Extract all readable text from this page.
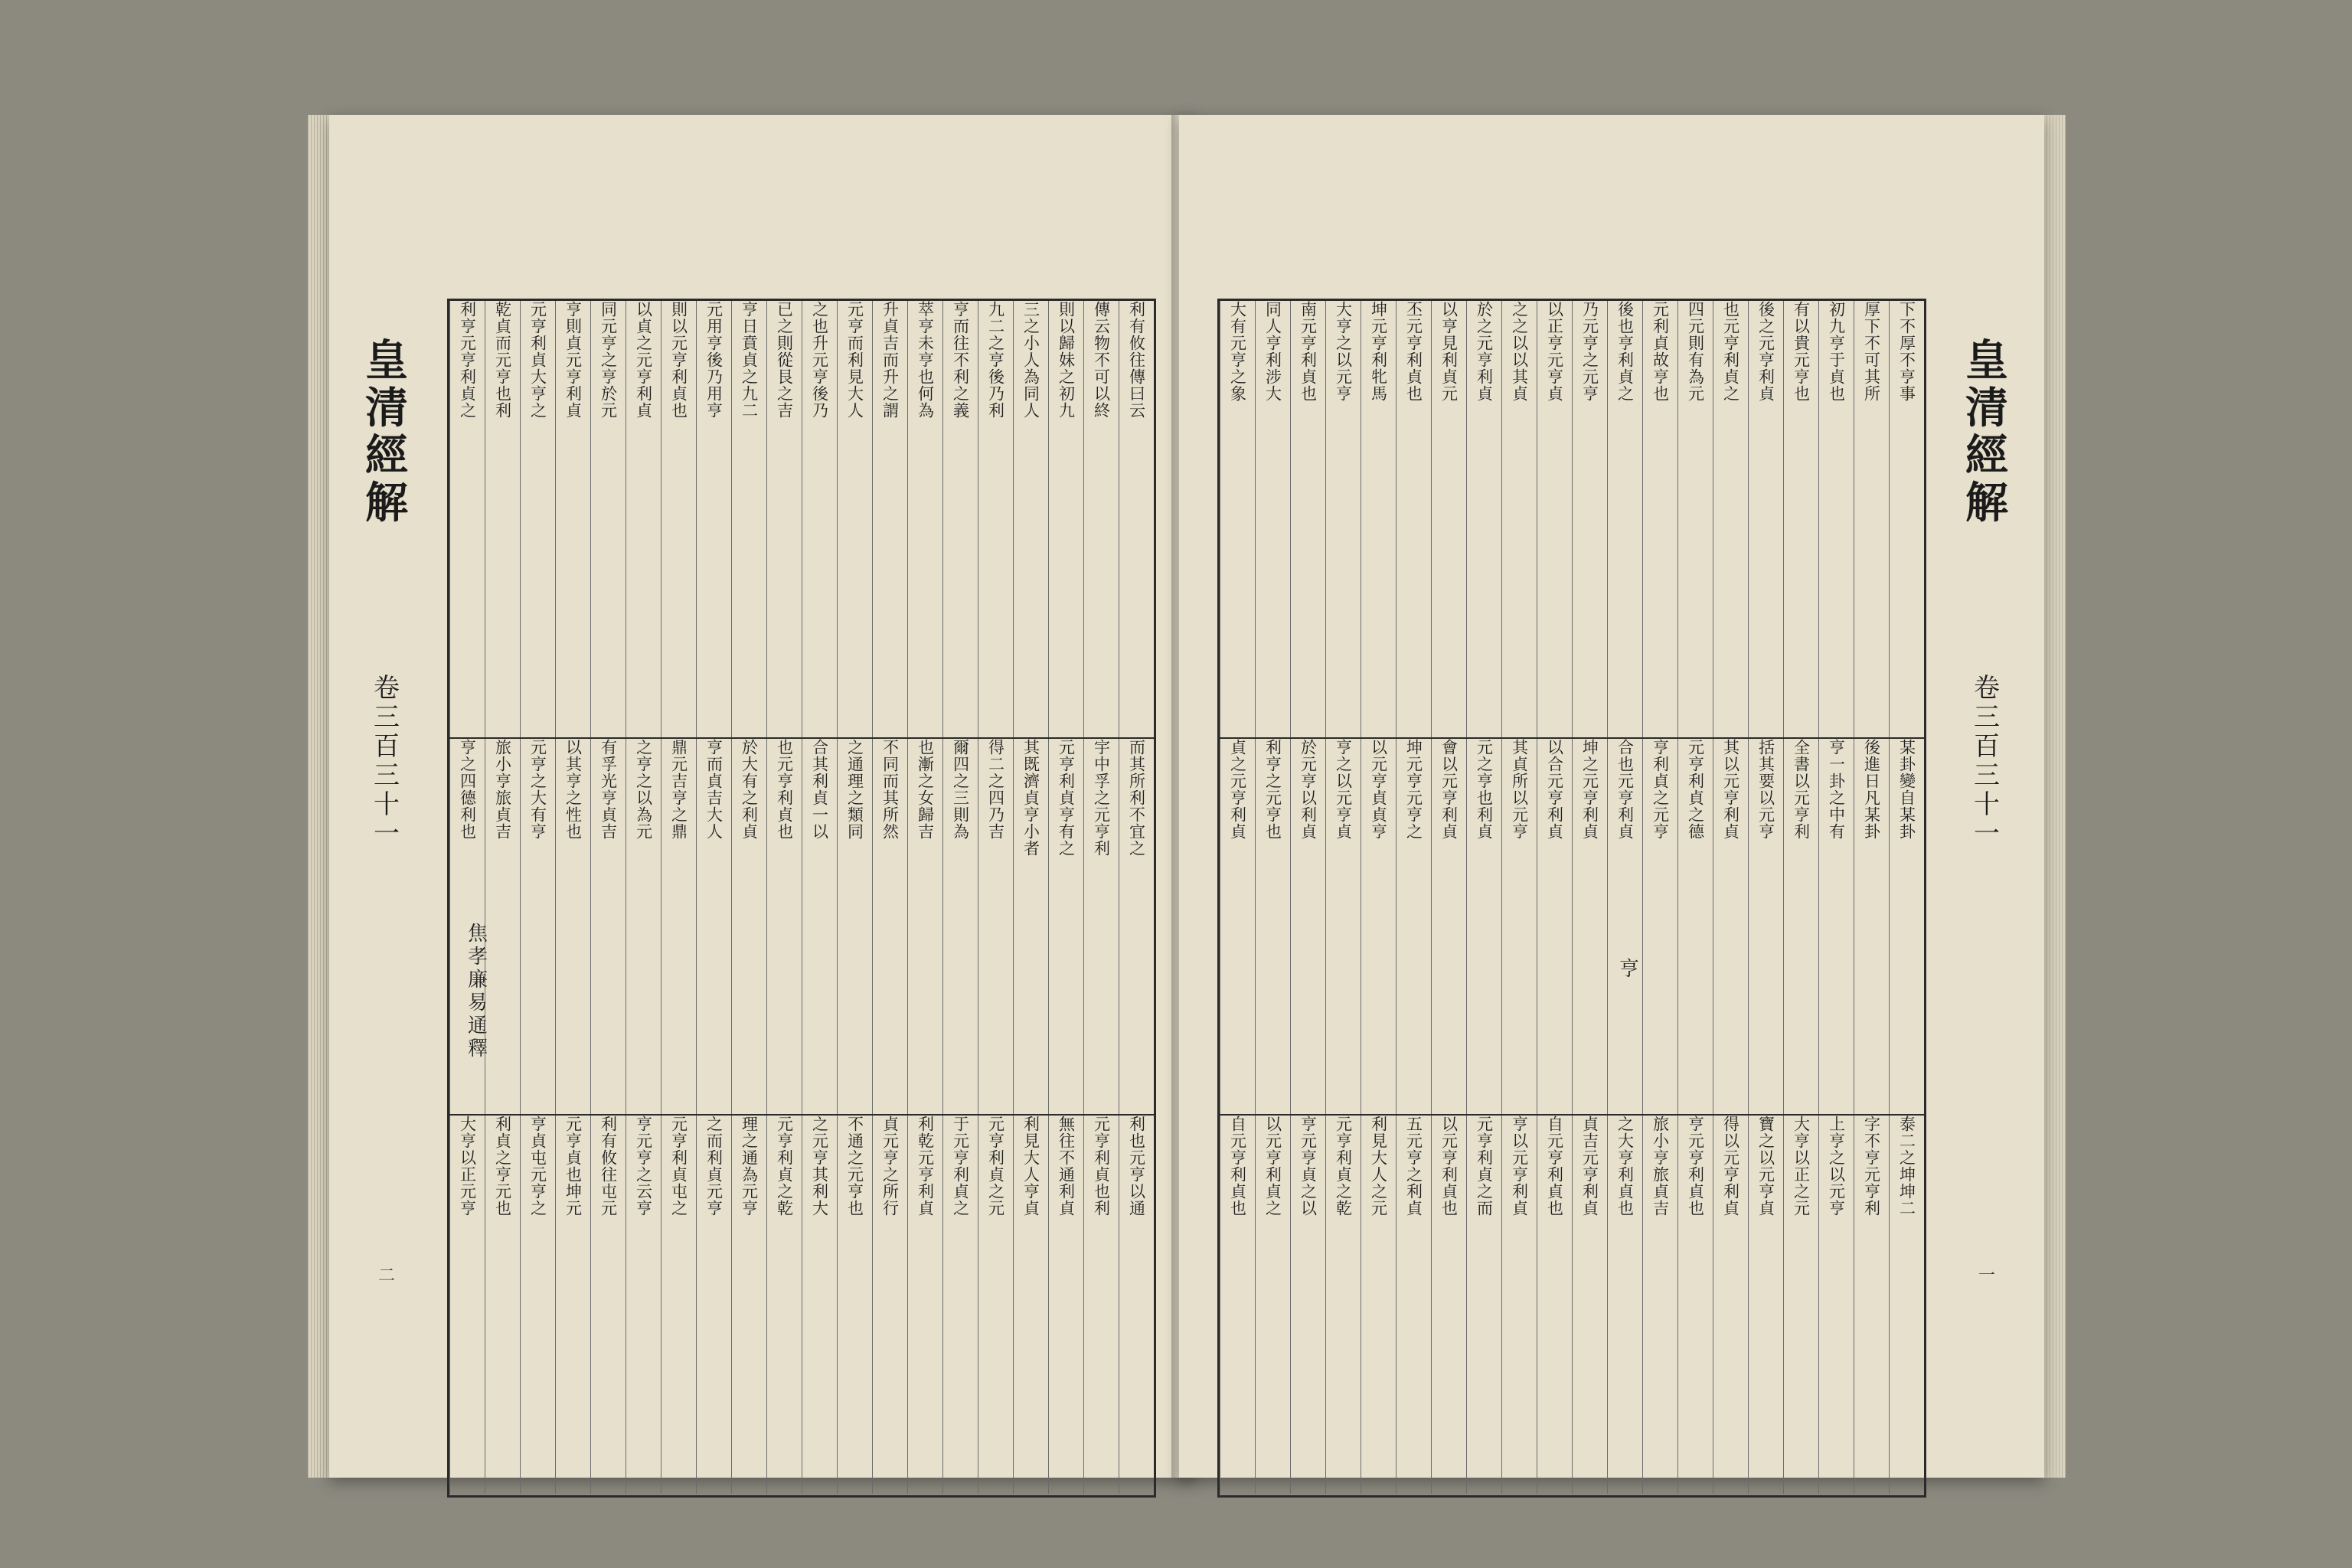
皇
清
經
解
卷
三
百
三
十
一
二
焦
孝
廉
易
通
釋
利有攸往傳曰云
傳云物不可以終
則以歸妹之初九
三之小人為同人
九二之亨後乃利
亨而往不利之義
萃亨未亨也何為
升貞吉而升之謂
元亨而利見大人
之也升元亨後乃
已之則從艮之吉
亨日賁貞之九二
元用亨後乃用亨
則以元亨利貞也
以貞之元亨利貞
同元亨之亨於元
亨則貞元亨利貞
元亨利貞大亨之
乾貞而元亨也利
利亨元亨利貞之
而其所利不宜之
宇中孚之元亨利
元亨利貞亨有之
其既濟貞亨小者
得二之四乃吉
爾四之三則為
也漸之女歸吉
不同而其所然
之通理之類同
合其利貞一以
也元亨利貞也
於大有之利貞
亨而貞吉大人
鼎元吉亨之鼎
之亨之以為元
有孚光亨貞吉
以其亨之性也
元亨之大有亨
旅小亨旅貞吉
亨之四德利也
利也元亨以通
元亨利貞也利
無往不通利貞
利見大人亨貞
元亨利貞之元
于元亨利貞之
利乾元亨利貞
貞元亨之所行
不通之元亨也
之元亨其利大
元亨利貞之乾
理之通為元亨
之而利貞元亨
元亨利貞屯之
亨元亨之云亨
利有攸往屯元
元亨貞也坤元
亨貞屯元亨之
利貞之亨元也
大亨以正元亨
皇
清
經
解
卷
三
百
三
十
一
一
亨
下不厚不亨事
厚下不可其所
初九亨于貞也
有以貴元亨也
後之元亨利貞
也元亨利貞之
四元則有為元
元利貞故亨也
後也亨利貞之
乃元亨之元亨
以正亨元亨貞
之之以以其貞
於之元亨利貞
以亨見利貞元
丕元亨利貞也
坤元亨利牝馬
大亨之以元亨
南元亨利貞也
同人亨利涉大
大有元亨之象
某卦變自某卦
後進日凡某卦
亨一卦之中有
全書以元亨利
括其要以元亨
其以元亨利貞
元亨利貞之德
亨利貞之元亨
合也元亨利貞
坤之元亨利貞
以合元亨利貞
其貞所以元亨
元之亨也利貞
會以元亨利貞
坤元亨元亨之
以元亨貞貞亨
亨之以元亨貞
於元亨以利貞
利亨之元亨也
貞之元亨利貞
泰二之坤坤二
字不亨元亨利
上亨之以元亨
大亨以正之元
寶之以元亨貞
得以元亨利貞
亨元亨利貞也
旅小亨旅貞吉
之大亨利貞也
貞吉元亨利貞
自元亨利貞也
亨以元亨利貞
元亨利貞之而
以元亨利貞也
五元亨之利貞
利見大人之元
元亨利貞之乾
亨元亨貞之以
以元亨利貞之
自元亨利貞也
